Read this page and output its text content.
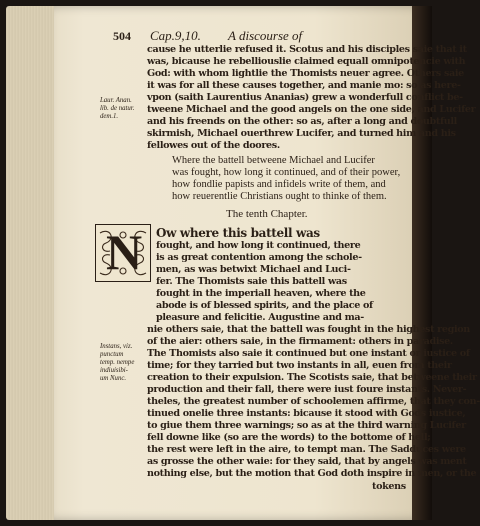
504 Cap.9,10. A discourse of
cause he utterlie refused it. Scotus and his disciples saie that it
was, bicause he rebelliouslie claimed equall omnipotencie with
God: with whom lightlie the Thomists neuer agree. Others saie
it was for all these causes together, and manie mo: so as here-
vpon (saith Laurentius Ananias) grew a wonderfull conflict be-
tweene Michael and the good angels on the one side, and Lucifer
and his freends on the other: so as, after a long and doubtfull
skirmish, Michael ouerthrew Lucifer, and turned him and his
fellowes out of the doores.
Laur. Anan.
lib. de natur.
dem.1.
Where the battell betweene Michael and Lucifer
was fought, how long it continued, and of their power,
how fondlie papists and infidels write of them, and
how reuerentlie Christians ought to thinke of them.
The tenth Chapter.
N Ow where this battell was
fought, and how long it continued, there
is as great contention among the schole-
men, as was betwixt Michael and Luci-
fer. The Thomists saie this battell was
fought in the imperiall heaven, where the
abode is of blessed spirits, and the place of
pleasure and felicitie. Augustine and ma-
nie others saie, that the battell was fought in the highest region
of the aier: others saie, in the firmament: others in paradise.
The Thomists also saie it continued but one instant or iustice of
time; for they tarried but two instants in all, euen from their
creation to their expulsion. The Scotists saie, that betweene their
production and their fall, there were iust foure instants. Never-
theles, the greatest number of schoolemen affirme, that they con-
tinued onelie three instants: bicause it stood with Gods iustice,
to giue them three warnings; so as at the third warning Lucifer
fell downe like (so are the words) to the bottome of hell;
the rest were left in the aire, to tempt man. The Sadduces were
as grosse the other waie: for they said, that by angels was ment
nothing else, but the motion that God doth inspire in men, or the
Instans, viz.
punctum
temp. nempe
indiuisibi-
um Nunc.
tokens
